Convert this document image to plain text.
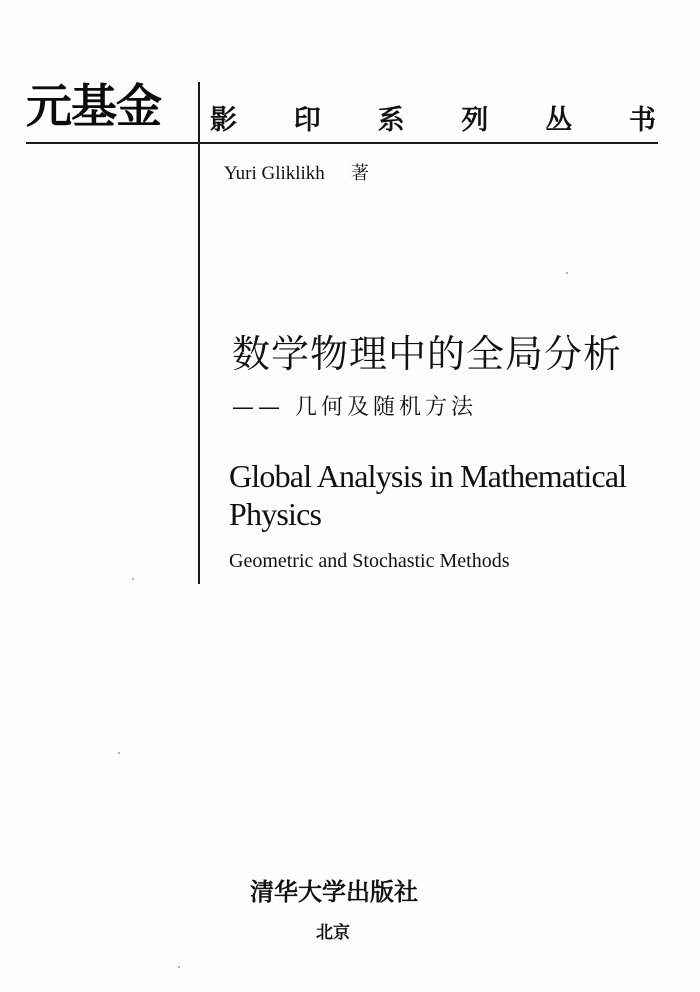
元基金 影 印 系 列 丛 书
Yuri Gliklikh 著
数学物理中的全局分析
—— 几何及随机方法
Global Analysis in Mathematical Physics
Geometric and Stochastic Methods
清华大学出版社
北京
